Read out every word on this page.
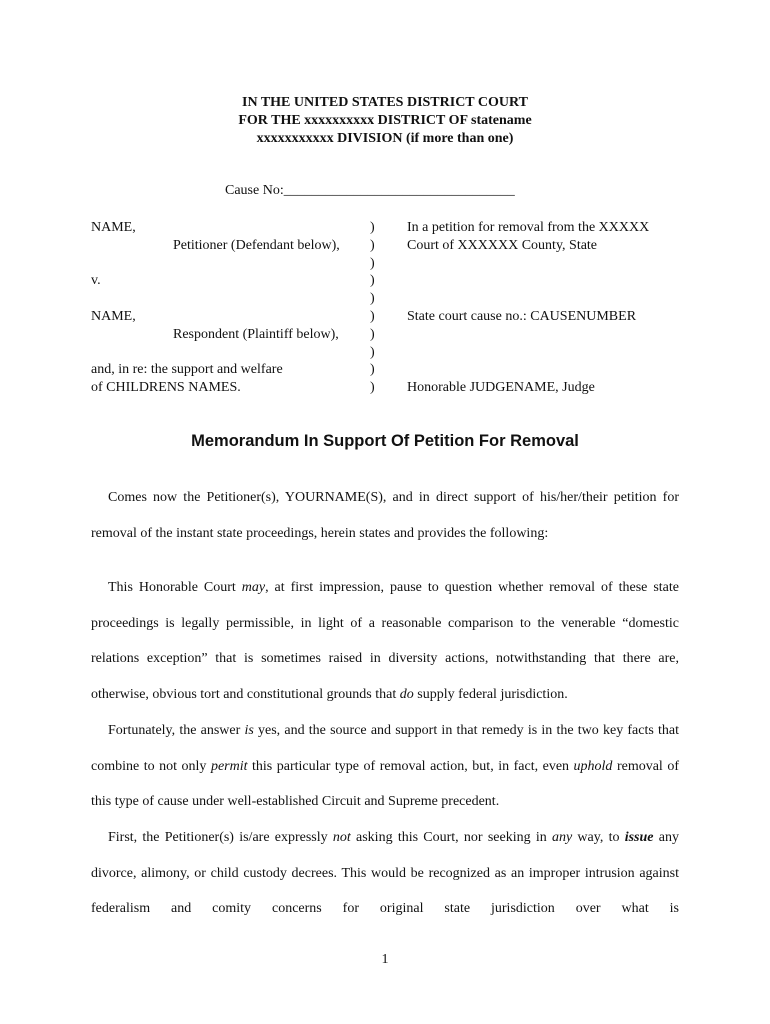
IN THE UNITED STATES DISTRICT COURT
FOR THE xxxxxxxxxx DISTRICT OF statename
xxxxxxxxxxx DIVISION (if more than one)
Cause No:_________________________________
NAME,
Petitioner (Defendant below),
v.
NAME,
Respondent (Plaintiff below),
and, in re: the support and welfare
of CHILDRENS NAMES.
)
)
)
)
)
)
)
)
)
)
In a petition for removal from the XXXXX
Court of XXXXXX County, State
State court cause no.: CAUSENUMBER
Honorable JUDGENAME, Judge
Memorandum In Support Of Petition For Removal

Comes now the Petitioner(s), YOURNAME(S), and in direct support of his/her/their petition for removal of the instant state proceedings, herein states and provides the following:

This Honorable Court may, at first impression, pause to question whether removal of these state proceedings is legally permissible, in light of a reasonable comparison to the venerable “domestic relations exception” that is sometimes raised in diversity actions, notwithstanding that there are, otherwise, obvious tort and constitutional grounds that do supply federal jurisdiction.

Fortunately, the answer is yes, and the source and support in that remedy is in the two key facts that combine to not only permit this particular type of removal action, but, in fact, even uphold removal of this type of cause under well-established Circuit and Supreme precedent.

First, the Petitioner(s) is/are expressly not asking this Court, nor seeking in any way, to issue any divorce, alimony, or child custody decrees. This would be recognized as an improper intrusion against federalism and comity concerns for original state jurisdiction over what is

1
